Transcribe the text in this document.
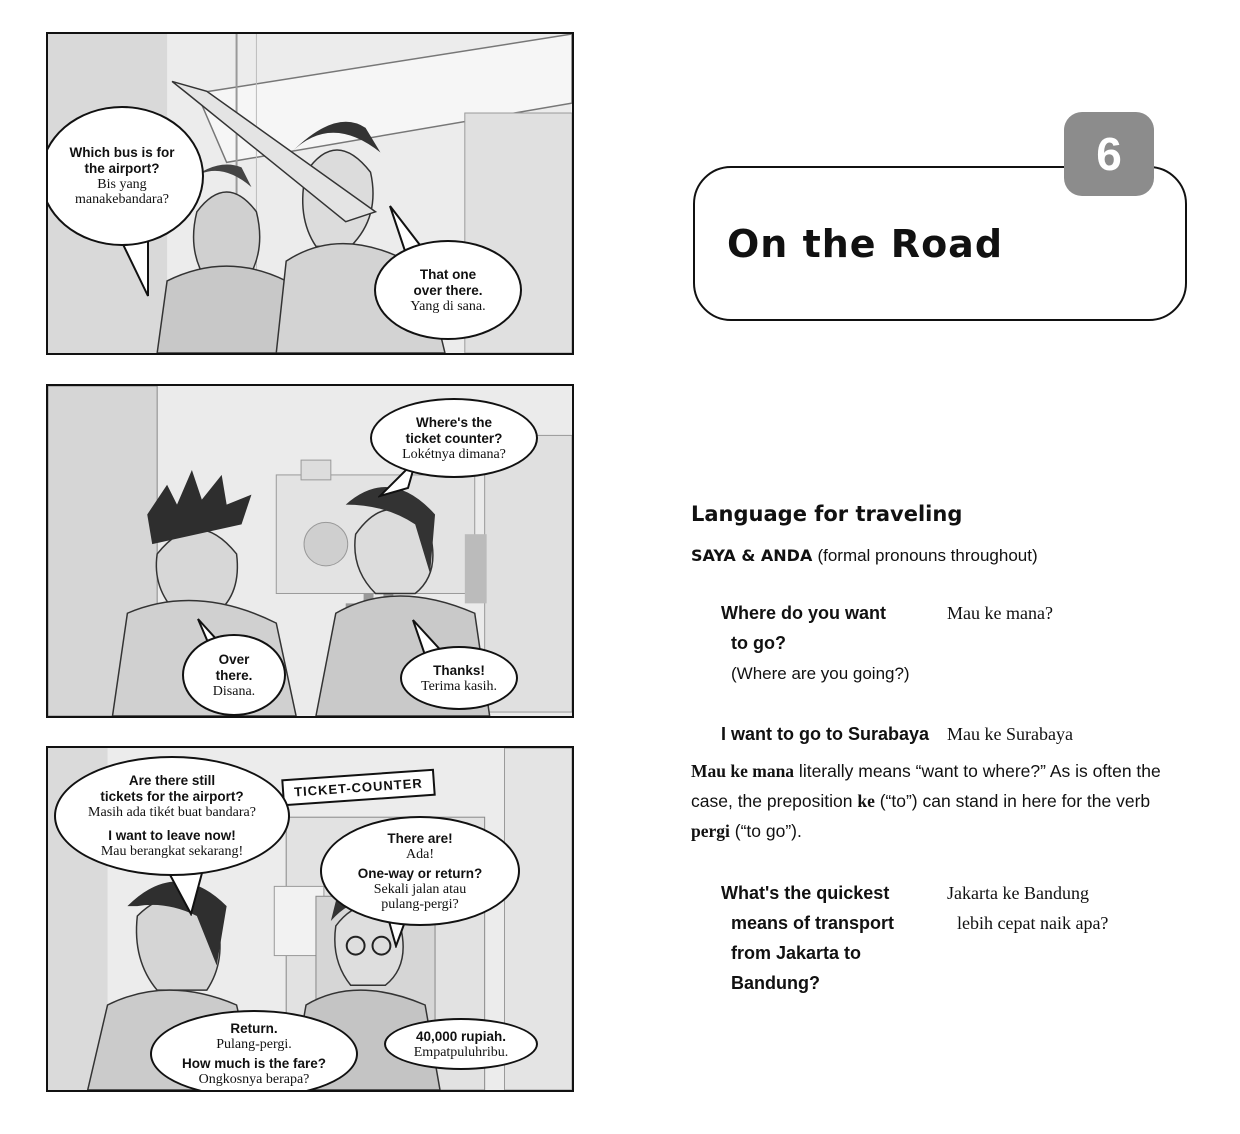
Which bus is for
the airport?
Bis yang
manakebandara?
That one
over there.
Yang di sana.
Where's the
ticket counter?
Lokétnya dimana?
Over
there.
Disana.
Thanks!
Terima kasih.
TICKET-COUNTER
Are there still
tickets for the airport?
Masih ada tikét buat bandara?
I want to leave now!
Mau berangkat sekarang!
There are!
Ada!
One-way or return?
Sekali jalan atau
pulang-pergi?
Return.
Pulang-pergi.
How much is the fare?
Ongkosnya berapa?
40,000 rupiah.
Empatpuluhribu.
6
On the Road
Language for traveling
SAYA & ANDA (formal pronouns throughout)
Where do you want
to go?
(Where are you going?)
Mau ke mana?
I want to go to Surabaya Mau ke Surabaya
Mau ke mana literally means “want to where?” As is often the case, the preposition ke (“to”) can stand in here for the verb pergi (“to go”).
What's the quickest
means of transport
from Jakarta to
Bandung?
Jakarta ke Bandung
lebih cepat naik apa?
